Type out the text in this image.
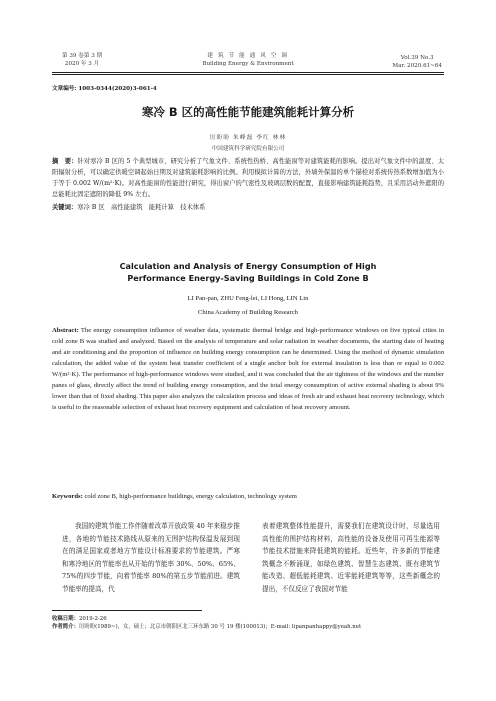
第 39 卷第 3 期
2020 年 3 月
建 筑 节 能 通 风 空 调
Building Energy & Environment
Vol.39 No.3
Mar. 2020.61~64
文章编号: 1003-0344(2020)3-061-4
寒冷 B 区的高性能节能建筑能耗计算分析
厉盼盼 朱峰磊 李红 林林
中国建筑科学研究院有限公司
摘　要：针对寒冷 B 区的 5 个典型城市，研究分析了气象文件、系统性热桥、高性能窗等对建筑能耗的影响。提出对气象文件中的温度、太阳辐射分析，可以确定供暖空调起始日期及对建筑能耗影响的比例。利用模拟计算的方法，外墙外保温的单个锚栓对系统传热系数增加值为小于等于 0.002 W/(m²·K)。对高性能窗的性能进行研究，得出窗户的气密性及玻璃层数的配置，直接影响建筑能耗趋势，且采用活动外遮阳的总能耗比固定遮阳的降低 9% 左右。
关键词：寒冷 B 区　高性能建筑　能耗计算　技术体系
Calculation and Analysis of Energy Consumption of High
Performance Energy-Saving Buildings in Cold Zone B
LI Pan-pan, ZHU Feng-lei, LI Hong, LIN Lin
China Academy of Building Research
Abstract: The energy consumption influence of weather data, systematic thermal bridge and high-performance windows on five typical cities in cold zone B was studied and analyzed. Based on the analysis of temperature and solar radiation in weather documents, the starting date of heating and air conditioning and the proportion of influence on building energy consumption can be determined. Using the method of dynamic simulation calculation, the added value of the system heat transfer coefficient of a single anchor bolt for external insulation is less than or equal to 0.002 W/(m²·K). The performance of high-performance windows were studied, and it was concluded that the air tightness of the windows and the number panes of glass, directly affect the trend of building energy consumption, and the total energy consumption of active external shading is about 9% lower than that of fixed shading. This paper also analyzes the calculation process and ideas of fresh air and exhaust heat recovery technology, which is useful to the reasonable selection of exhaust heat recovery equipment and calculation of heat recovery amount.
Keywords: cold zone B, high-performance buildings, energy calculation, technology system
我国的建筑节能工作伴随着改革开放政策 40 年来稳步推进，各地的节能技术路线从原来的无围护结构保温发展到现在的满足国家或者地方节能设计标准要求的节能建筑。严寒和寒冷地区的节能率也从开始的节能率 30%、50%、65%、75%的四步节能，向着节能率 80%的第五步节能前进。建筑节能率的提高，代
表着建筑整体性能提升，需要我们在建筑设计时，尽量选用高性能的围护结构材料，高性能的设备及使用可再生能源等节能技术措施来降低建筑的能耗。近些年，许多新的节能建筑概念不断涌现，如绿色建筑、智慧生态建筑、既有建筑节能改造、超低能耗建筑、近零能耗建筑等等，这些新概念的提出，不仅反应了我国对节能
收稿日期：2019-2-26
作者简介：厉盼盼(1989~)，女，硕士；北京市朝阳区北三环东路 30 号 19 楼(100013)；E-mail: lipanpanhappy@yeah.net
